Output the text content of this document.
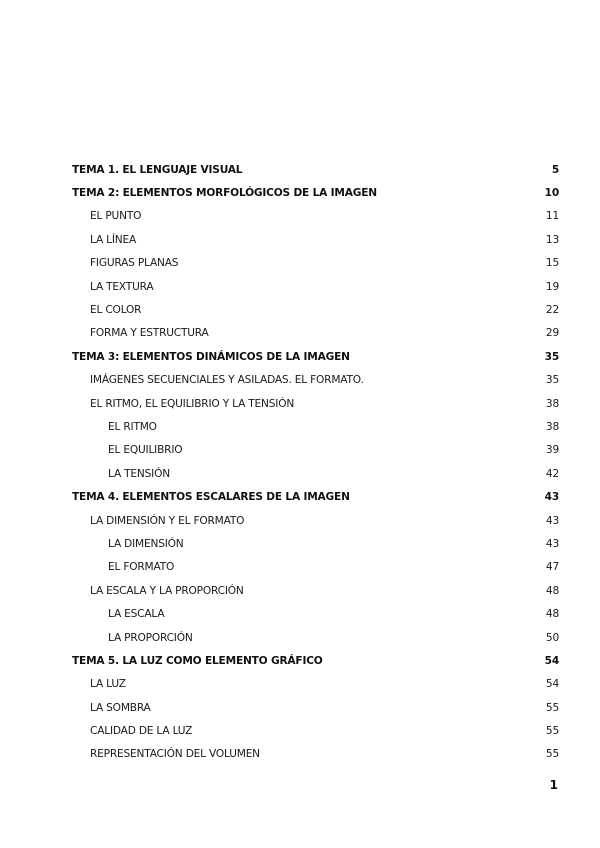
TEMA 1. EL LENGUAJE VISUAL	5
TEMA 2: ELEMENTOS MORFOLÓGICOS DE LA IMAGEN	10
EL PUNTO	11
LA LÍNEA	13
FIGURAS PLANAS	15
LA TEXTURA	19
EL COLOR	22
FORMA Y ESTRUCTURA	29
TEMA 3: ELEMENTOS DINÁMICOS DE LA IMAGEN	35
IMÁGENES SECUENCIALES Y ASILADAS. EL FORMATO.	35
EL RITMO, EL EQUILIBRIO Y LA TENSIÓN	38
EL RITMO	38
EL EQUILIBRIO	39
LA TENSIÓN	42
TEMA 4. ELEMENTOS ESCALARES DE LA IMAGEN	43
LA DIMENSIÓN Y EL FORMATO	43
LA DIMENSIÓN	43
EL FORMATO	47
LA ESCALA Y LA PROPORCIÓN	48
LA ESCALA	48
LA PROPORCIÓN	50
TEMA 5. LA LUZ COMO ELEMENTO GRÁFICO	54
LA LUZ	54
LA SOMBRA	55
CALIDAD DE LA LUZ	55
REPRESENTACIÓN DEL VOLUMEN	55
1
